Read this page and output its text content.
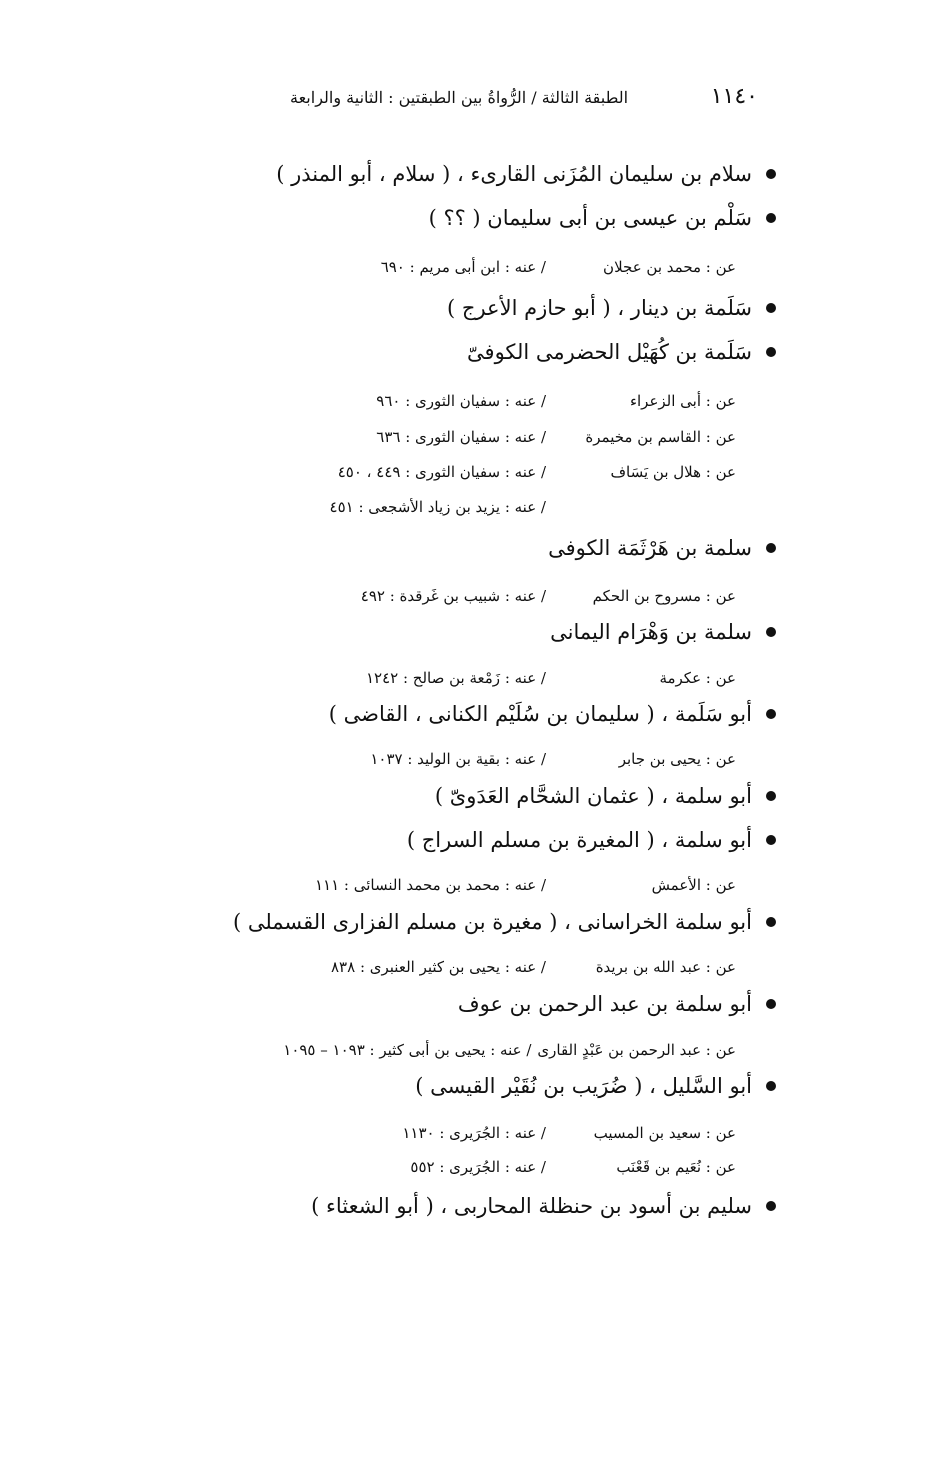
١١٤٠
الطبقة الثالثة / الرُّواةُ بين الطبقتين : الثانية والرابعة
سلام بن سليمان المُزَنى القارىء ، ( سلام ، أبو المنذر )
سَلْم بن عيسى بن أبى سليمان ( ؟؟ )
عن : محمد بن عجلان/ عنه : ابن أبى مريم : ٦٩٠
سَلَمة بن دينار ، ( أبو حازم الأعرج )
سَلَمة بن كُهَيْل الحضرمى الكوفىّ
عن : أبى الزعراء/ عنه : سفيان الثورى : ٩٦٠
عن : القاسم بن مخيمرة/ عنه : سفيان الثورى : ٦٣٦
عن : هلال بن يَسَاف/ عنه : سفيان الثورى : ٤٤٩ ، ٤٥٠
/ عنه : يزيد بن زياد الأشجعى : ٤٥١
سلمة بن هَرْثَمَة الكوفى
عن : مسروح بن الحكم/ عنه : شبيب بن غَرقدة : ٤٩٢
سلمة بن وَهْرَام اليمانى
عن : عكرمة/ عنه : زَمْعة بن صالح : ١٢٤٢
أبو سَلَمة ، ( سليمان بن سُلَيْم الكنانى ، القاضى )
عن : يحيى بن جابر/ عنه : بقية بن الوليد : ١٠٣٧
أبو سلمة ، ( عثمان الشحَّام العَدَوىّ )
أبو سلمة ، ( المغيرة بن مسلم السراج )
عن : الأعمش/ عنه : محمد بن محمد النسائى : ١١١
أبو سلمة الخراسانى ، ( مغيرة بن مسلم الفزارى القسملى )
عن : عبد الله بن بريدة/ عنه : يحيى بن كثير العنبرى : ٨٣٨
أبو سلمة بن عبد الرحمن بن عوف
عن : عبد الرحمن بن عَبْدٍ القارى/ عنه : يحيى بن أبى كثير : ١٠٩٣ – ١٠٩٥
أبو السَّليل ، ( ضُرَيب بن نُقَيْر القيسى )
عن : سعيد بن المسيب/ عنه : الجُرَيرى : ١١٣٠
عن : نُعَيم بن قَعْنَب/ عنه : الجُرَيرى : ٥٥٢
سليم بن أسود بن حنظلة المحاربى ، ( أبو الشعثاء )
